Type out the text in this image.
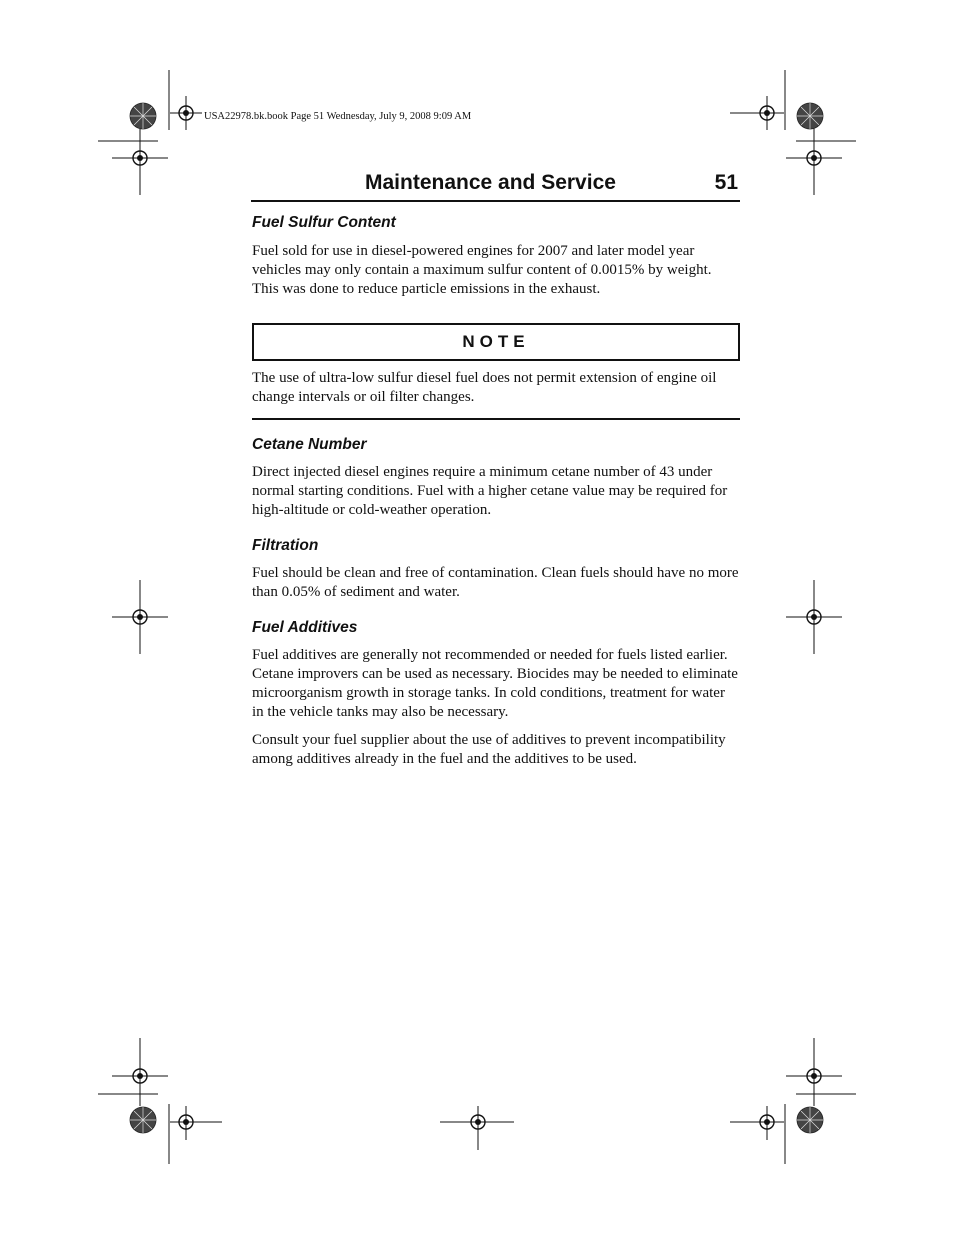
USA22978.bk.book Page 51 Wednesday, July 9, 2008 9:09 AM
Maintenance and Service	51
Fuel Sulfur Content

Fuel sold for use in diesel-powered engines for 2007 and later model year vehicles may only contain a maximum sulfur content of 0.0015% by weight. This was done to reduce particle emissions in the exhaust.

NOTE

The use of ultra-low sulfur diesel fuel does not permit extension of engine oil change intervals or oil filter changes.

Cetane Number

Direct injected diesel engines require a minimum cetane number of 43 under normal starting conditions. Fuel with a higher cetane value may be required for high-altitude or cold-weather operation.

Filtration

Fuel should be clean and free of contamination. Clean fuels should have no more than 0.05% of sediment and water.

Fuel Additives

Fuel additives are generally not recommended or needed for fuels listed earlier. Cetane improvers can be used as necessary. Biocides may be needed to eliminate microorganism growth in storage tanks. In cold conditions, treatment for water in the vehicle tanks may also be necessary.

Consult your fuel supplier about the use of additives to prevent incompatibility among additives already in the fuel and the additives to be used.
